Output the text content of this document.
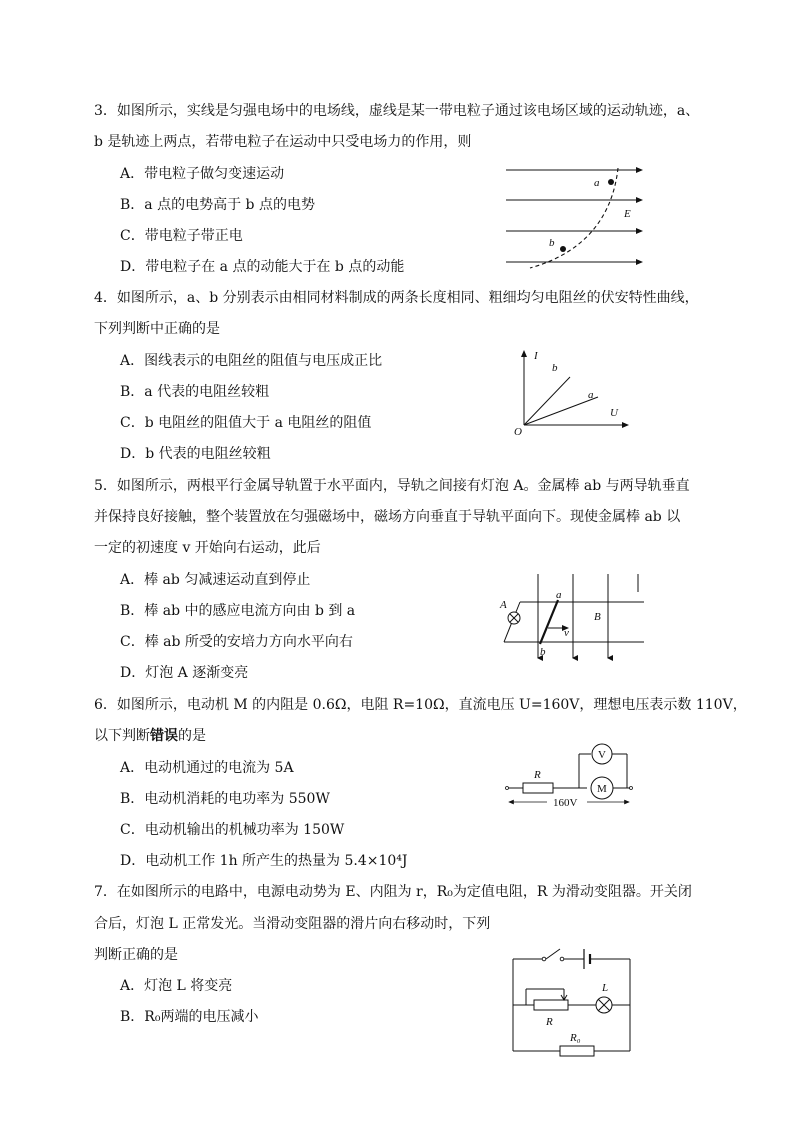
3．如图所示，实线是匀强电场中的电场线，虚线是某一带电粒子通过该电场区域的运动轨迹，a、
b 是轨迹上两点，若带电粒子在运动中只受电场力的作用，则
A．带电粒子做匀变速运动
B．a 点的电势高于 b 点的电势
C．带电粒子带正电
D．带电粒子在 a 点的动能大于在 b 点的动能
a
b
E
4．如图所示，a、b 分别表示由相同材料制成的两条长度相同、粗细均匀电阻丝的伏安特性曲线，
下列判断中正确的是
A．图线表示的电阻丝的阻值与电压成正比
B．a 代表的电阻丝较粗
C．b 电阻丝的阻值大于 a 电阻丝的阻值
D．b 代表的电阻丝较粗
I
U
O
b
a
5．如图所示，两根平行金属导轨置于水平面内，导轨之间接有灯泡 A。金属棒 ab 与两导轨垂直
并保持良好接触，整个装置放在匀强磁场中，磁场方向垂直于导轨平面向下。现使金属棒 ab 以
一定的初速度 v 开始向右运动，此后
A．棒 ab 匀减速运动直到停止
B．棒 ab 中的感应电流方向由 b 到 a
C．棒 ab 所受的安培力方向水平向右
D．灯泡 A 逐渐变亮
A
a
b
v
B
6．如图所示，电动机 M 的内阻是 0.6Ω，电阻 R=10Ω，直流电压 U=160V，理想电压表示数 110V，
以下判断错误的是
A．电动机通过的电流为 5A
B．电动机消耗的电功率为 550W
C．电动机输出的机械功率为 150W
D．电动机工作 1h 所产生的热量为 5.4×10⁴J
R
V
M
160V
7．在如图所示的电路中，电源电动势为 E、内阻为 r，R₀为定值电阻，R 为滑动变阻器。开关闭
合后，灯泡 L 正常发光。当滑动变阻器的滑片向右移动时，下列
判断正确的是
A．灯泡 L 将变亮
B．R₀两端的电压减小	R
L
R₀
